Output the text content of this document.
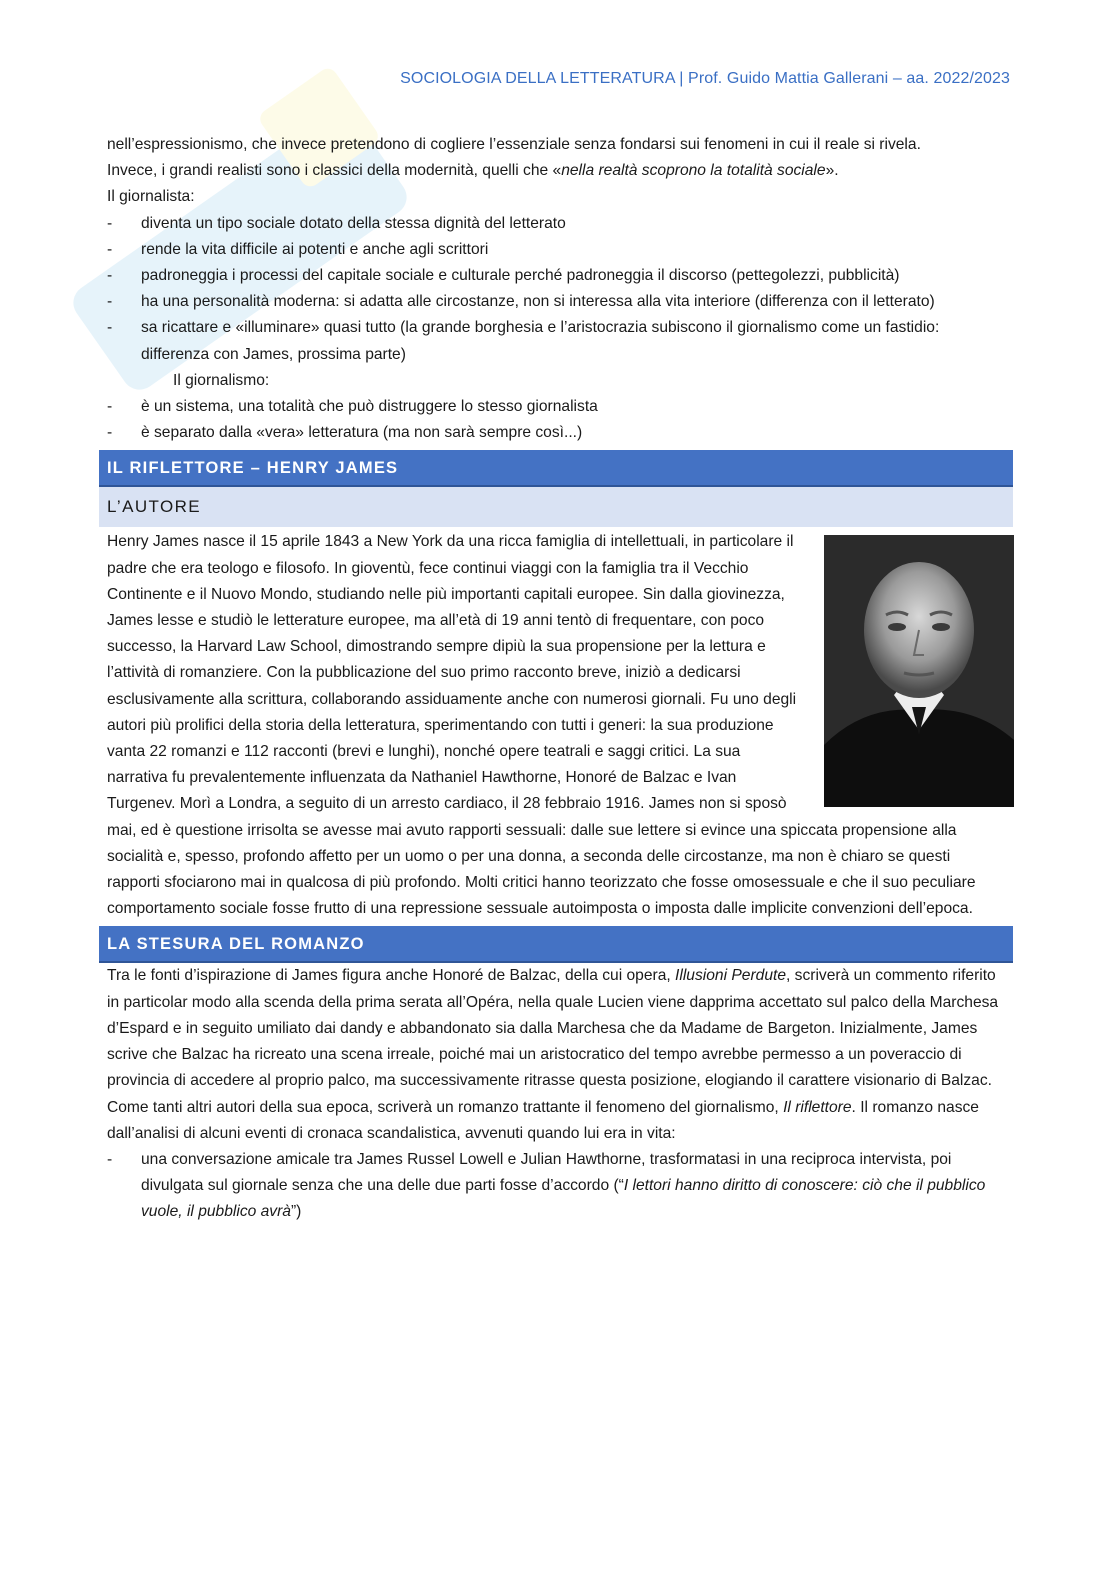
SOCIOLOGIA DELLA LETTERATURA | Prof. Guido Mattia Gallerani – aa. 2022/2023

nell’espressionismo, che invece pretendono di cogliere l’essenziale senza fondarsi sui fenomeni in cui il reale si rivela.

Invece, i grandi realisti sono i classici della modernità, quelli che «nella realtà scoprono la totalità sociale».

Il giornalista:

- diventa un tipo sociale dotato della stessa dignità del letterato
- rende la vita difficile ai potenti e anche agli scrittori
- padroneggia i processi del capitale sociale e culturale perché padroneggia il discorso (pettegolezzi, pubblicità)
- ha una personalità moderna: si adatta alle circostanze, non si interessa alla vita interiore (differenza con il letterato)
- sa ricattare e «illuminare» quasi tutto (la grande borghesia e l’aristocrazia subiscono il giornalismo come un fastidio: differenza con James, prossima parte)

Il giornalismo:

- è un sistema, una totalità che può distruggere lo stesso giornalista
- è separato dalla «vera» letteratura (ma non sarà sempre così...)
IL RIFLETTORE – HENRY JAMES
L’AUTORE

Henry James nasce il 15 aprile 1843 a New York da una ricca famiglia di intellettuali, in particolare il padre che era teologo e filosofo. In gioventù, fece continui viaggi con la famiglia tra il Vecchio Continente e il Nuovo Mondo, studiando nelle più importanti capitali europee. Sin dalla giovinezza, James lesse e studiò le letterature europee, ma all’età di 19 anni tentò di frequentare, con poco successo, la Harvard Law School, dimostrando sempre dipiù la sua propensione per la lettura e l’attività di romanziere. Con la pubblicazione del suo primo racconto breve, iniziò a dedicarsi esclusivamente alla scrittura, collaborando assiduamente anche con numerosi giornali. Fu uno degli autori più prolifici della storia della letteratura, sperimentando con tutti i generi: la sua produzione vanta 22 romanzi e 112 racconti (brevi e lunghi), nonché opere teatrali e saggi critici. La sua narrativa fu prevalentemente influenzata da Nathaniel Hawthorne, Honoré de Balzac e Ivan Turgenev. Morì a Londra, a seguito di un arresto cardiaco, il 28 febbraio 1916. James non si sposò mai, ed è questione irrisolta se avesse mai avuto rapporti sessuali: dalle sue lettere si evince una spiccata propensione alla socialità e, spesso, profondo affetto per un uomo o per una donna, a seconda delle circostanze, ma non è chiaro se questi rapporti sfociarono mai in qualcosa di più profondo. Molti critici hanno teorizzato che fosse omosessuale e che il suo peculiare comportamento sociale fosse frutto di una repressione sessuale autoimposta o imposta dalle implicite convenzioni dell’epoca.

LA STESURA DEL ROMANZO

Tra le fonti d’ispirazione di James figura anche Honoré de Balzac, della cui opera, Illusioni Perdute, scriverà un commento riferito in particolar modo alla scenda della prima serata all’Opéra, nella quale Lucien viene dapprima accettato sul palco della Marchesa d’Espard e in seguito umiliato dai dandy e abbandonato sia dalla Marchesa che da Madame de Bargeton. Inizialmente, James scrive che Balzac ha ricreato una scena irreale, poiché mai un aristocratico del tempo avrebbe permesso a un poveraccio di provincia di accedere al proprio palco, ma successivamente ritrasse questa posizione, elogiando il carattere visionario di Balzac.

Come tanti altri autori della sua epoca, scriverà un romanzo trattante il fenomeno del giornalismo, Il riflettore. Il romanzo nasce dall’analisi di alcuni eventi di cronaca scandalistica, avvenuti quando lui era in vita:

- una conversazione amicale tra James Russel Lowell e Julian Hawthorne, trasformatasi in una reciproca intervista, poi divulgata sul giornale senza che una delle due parti fosse d’accordo (“I lettori hanno diritto di conoscere: ciò che il pubblico vuole, il pubblico avrà”)
